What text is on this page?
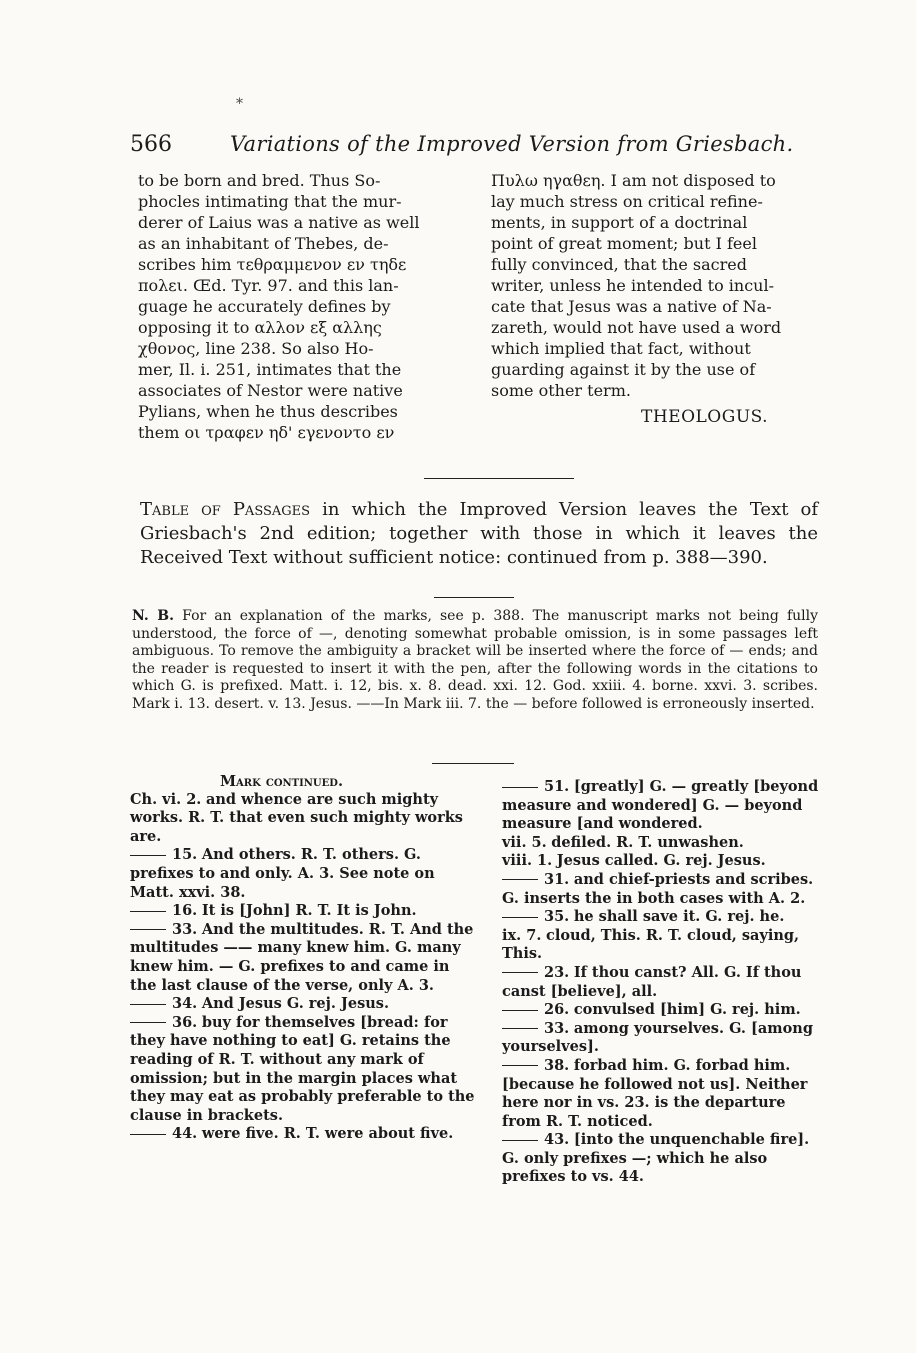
*
566	Variations of the Improved Version from Griesbach.

to be born and bred. Thus So-

phocles intimating that the mur-

derer of Laius was a native as well

as an inhabitant of Thebes, de-

scribes him τεθραμμενον εν τηδε

πολει. Œd. Tyr. 97. and this lan-

guage he accurately defines by

opposing it to αλλον εξ αλλης

χθονος, line 238. So also Ho-

mer, Il. i. 251, intimates that the

associates of Nestor were native

Pylians, when he thus describes

them οι τραφεν ηδ' εγενοντο εν

Πυλω ηγαθεη. I am not disposed to

lay much stress on critical refine-

ments, in support of a doctrinal

point of great moment; but I feel

fully convinced, that the sacred

writer, unless he intended to incul-

cate that Jesus was a native of Na-

zareth, would not have used a word

which implied that fact, without

guarding against it by the use of

some other term.

THEOLOGUS.

Table of Passages in which the Improved Version leaves the Text of Griesbach's 2nd edition; together with those in which it leaves the Received Text without sufficient notice: continued from p. 388—390.
N. B. For an explanation of the marks, see p. 388. The manuscript marks not being fully understood, the force of —, denoting somewhat probable omission, is in some passages left ambiguous. To remove the ambiguity a bracket will be inserted where the force of — ends; and the reader is requested to insert it with the pen, after the following words in the citations to which G. is prefixed. Matt. i. 12, bis. x. 8. dead. xxi. 12. God. xxiii. 4. borne. xxvi. 3. scribes. Mark i. 13. desert. v. 13. Jesus. ——In Mark iii. 7. the — before followed is erroneously inserted.

Mark continued.

Ch. vi. 2. and whence are such mighty works. R. T. that even such mighty works are.

15. And others. R. T. others. G. prefixes to and only. A. 3. See note on Matt. xxvi. 38.

16. It is [John] R. T. It is John.

33. And the multitudes. R. T. And the multitudes —— many knew him. G. many knew him. — G. prefixes to and came in the last clause of the verse, only A. 3.

34. And Jesus G. rej. Jesus.

36. buy for themselves [bread: for they have nothing to eat] G. retains the reading of R. T. without any mark of omission; but in the margin places what they may eat as probably preferable to the clause in brackets.

44. were five. R. T. were about five.

51. [greatly] G. — greatly [beyond measure and wondered] G. — beyond measure [and wondered.

vii. 5. defiled. R. T. unwashen.

viii. 1. Jesus called. G. rej. Jesus.

31. and chief-priests and scribes. G. inserts the in both cases with A. 2.

35. he shall save it. G. rej. he.

ix. 7. cloud, This. R. T. cloud, saying, This.

23. If thou canst? All. G. If thou canst [believe], all.

26. convulsed [him] G. rej. him.

33. among yourselves. G. [among yourselves].

38. forbad him. G. forbad him. [because he followed not us]. Neither here nor in vs. 23. is the departure from R. T. noticed.

43. [into the unquenchable fire]. G. only prefixes —; which he also prefixes to vs. 44.
